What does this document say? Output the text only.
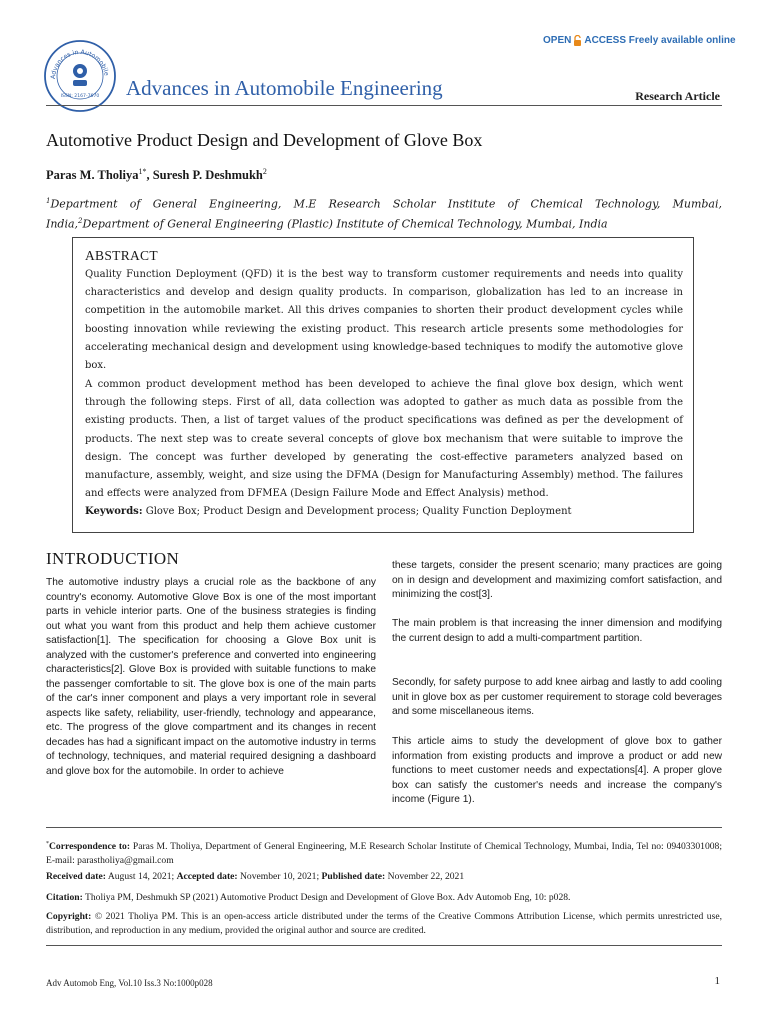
Advances in Automobile
ISSN: 2167-7670 Advances in Automobile Engineering
OPEN ACCESS Freely available online
Research Article
Automotive Product Design and Development of Glove Box
Paras M. Tholiya$^{1*}$, Suresh P. Deshmukh$^2$
$^1$Department of General Engineering, M.E Research Scholar Institute of Chemical Technology, Mumbai, India,$^2$Department of General Engineering (Plastic) Institute of Chemical Technology, Mumbai, India
ABSTRACT
Quality Function Deployment (QFD) it is the best way to transform customer requirements and needs into quality characteristics and develop and design quality products. In comparison, globalization has led to an increase in competition in the automobile market. All this drives companies to shorten their product development cycles while boosting innovation while reviewing the existing product. This research article presents some methodologies for accelerating mechanical design and development using knowledge-based techniques to modify the automotive glove box.
A common product development method has been developed to achieve the final glove box design, which went through the following steps. First of all, data collection was adopted to gather as much data as possible from the existing products. Then, a list of target values of the product specifications was defined as per the development of products. The next step was to create several concepts of glove box mechanism that were suitable to improve the design. The concept was further developed by generating the cost-effective parameters analyzed based on manufacture, assembly, weight, and size using the DFMA (Design for Manufacturing Assembly) method. The failures and effects were analyzed from DFMEA (Design Failure Mode and Effect Analysis) method.
Keywords: Glove Box; Product Design and Development process; Quality Function Deployment
INTRODUCTION
The automotive industry plays a crucial role as the backbone of any country's economy. Automotive Glove Box is one of the most important parts in vehicle interior parts. One of the business strategies is finding out what you want from this product and help them achieve customer satisfaction[1]. The specification for choosing a Glove Box unit is analyzed with the customer's preference and converted into engineering characteristics[2]. Glove Box is provided with suitable functions to make the passenger comfortable to sit. The glove box is one of the main parts of the car's inner component and plays a very important role in several aspects like safety, reliability, user-friendly, technology and appearance, etc. The progress of the glove compartment and its changes in recent decades has had a significant impact on the automotive industry in terms of technology, techniques, and material required designing a dashboard and glove box for the automobile. In order to achieve
these targets, consider the present scenario; many practices are going on in design and development and maximizing comfort satisfaction, and minimizing the cost[3].
The main problem is that increasing the inner dimension and modifying the current design to add a multi-compartment partition.
Secondly, for safety purpose to add knee airbag and lastly to add cooling unit in glove box as per customer requirement to storage cold beverages and some miscellaneous items.
This article aims to study the development of glove box to gather information from existing products and improve a product or add new functions to meet customer needs and expectations[4]. A proper glove box can satisfy the customer's needs and increase the company's income (Figure 1).
*Correspondence to: Paras M. Tholiya, Department of General Engineering, M.E Research Scholar Institute of Chemical Technology, Mumbai, India, Tel no: 09403301008; E-mail: parastholiya@gmail.com
Received date: August 14, 2021; Accepted date: November 10, 2021; Published date: November 22, 2021
Citation: Tholiya PM, Deshmukh SP (2021) Automotive Product Design and Development of Glove Box. Adv Automob Eng, 10: p028.
Copyright: © 2021 Tholiya PM. This is an open-access article distributed under the terms of the Creative Commons Attribution License, which permits unrestricted use, distribution, and reproduction in any medium, provided the original author and source are credited.
Adv Automob Eng, Vol.10 Iss.3 No:1000p028	1
